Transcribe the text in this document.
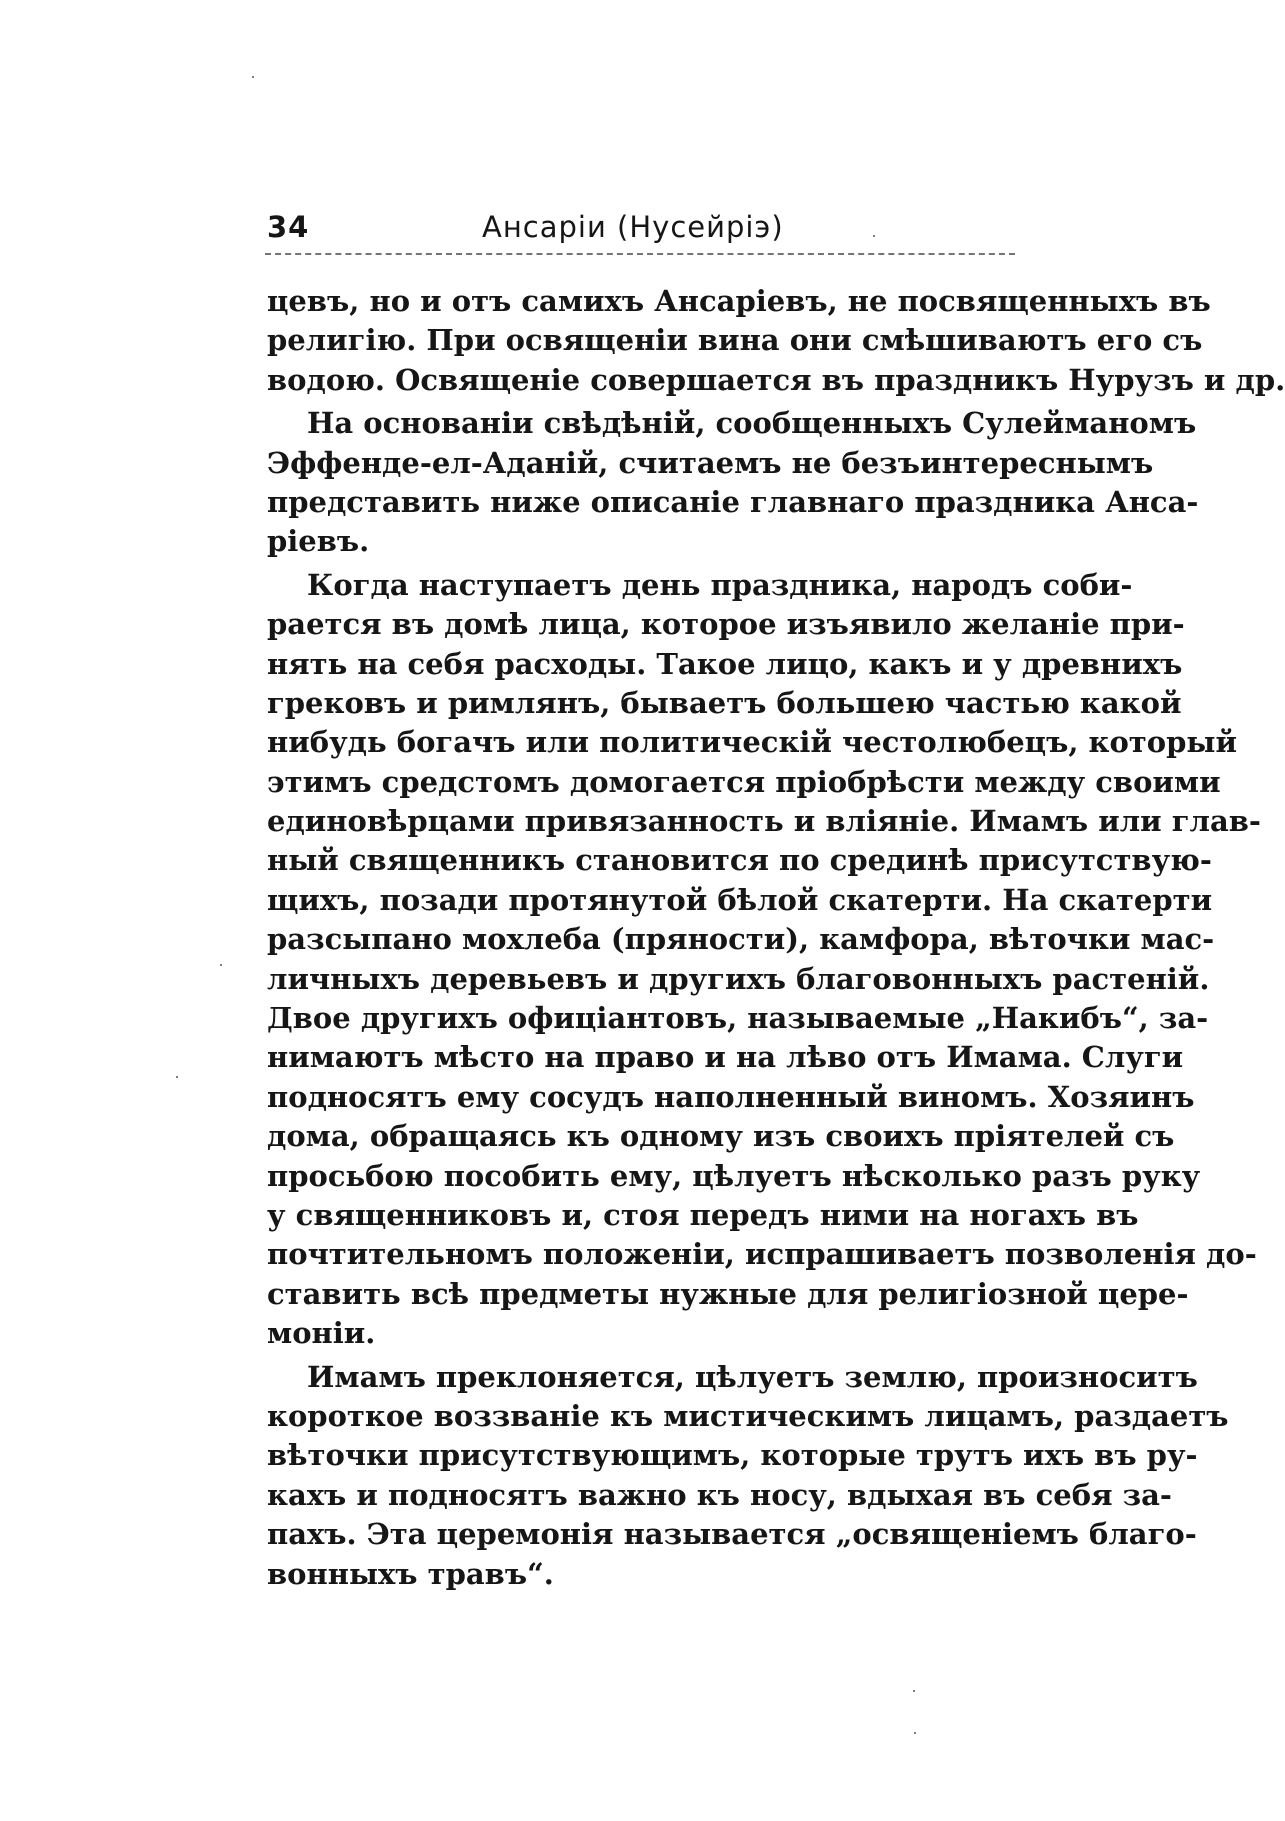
34	Ансаріи (Нусейріэ)
цевъ, но и отъ самихъ Ансаріевъ, не посвященныхъ въ
религію. При освященіи вина они смѣшиваютъ его съ
водою. Освященіе совершается въ праздникъ Нурузъ и др.
На основаніи свѣдѣній, сообщенныхъ Сулейманомъ
Эффенде-ел-Аданій, считаемъ не безъинтереснымъ
представить ниже описаніе главнаго праздника Анса-
ріевъ.
Когда наступаетъ день праздника, народъ соби-
рается въ домѣ лица, которое изъявило желаніе при-
нять на себя расходы. Такое лицо, какъ и у древнихъ
грековъ и римлянъ, бываетъ большею частью какой
нибудь богачъ или политическій честолюбецъ, который
этимъ средстомъ домогается пріобрѣсти между своими
единовѣрцами привязанность и вліяніе. Имамъ или глав-
ный священникъ становится по срединѣ присутствую-
щихъ, позади протянутой бѣлой скатерти. На скатерти
разсыпано мохлеба (пряности), камфора, вѣточки мас-
личныхъ деревьевъ и другихъ благовонныхъ растеній.
Двое другихъ офиціантовъ, называемые „Накибъ“, за-
нимаютъ мѣсто на право и на лѣво отъ Имама. Слуги
подносятъ ему сосудъ наполненный виномъ. Хозяинъ
дома, обращаясь къ одному изъ своихъ пріятелей съ
просьбою пособить ему, цѣлуетъ нѣсколько разъ руку
у священниковъ и, стоя передъ ними на ногахъ въ
почтительномъ положеніи, испрашиваетъ позволенія до-
ставить всѣ предметы нужные для религіозной цере-
моніи.
Имамъ преклоняется, цѣлуетъ землю, произноситъ
короткое воззваніе къ мистическимъ лицамъ, раздаетъ
вѣточки присутствующимъ, которые трутъ ихъ въ ру-
кахъ и подносятъ важно къ носу, вдыхая въ себя за-
пахъ. Эта церемонія называется „освященіемъ благо-
вонныхъ травъ“.
